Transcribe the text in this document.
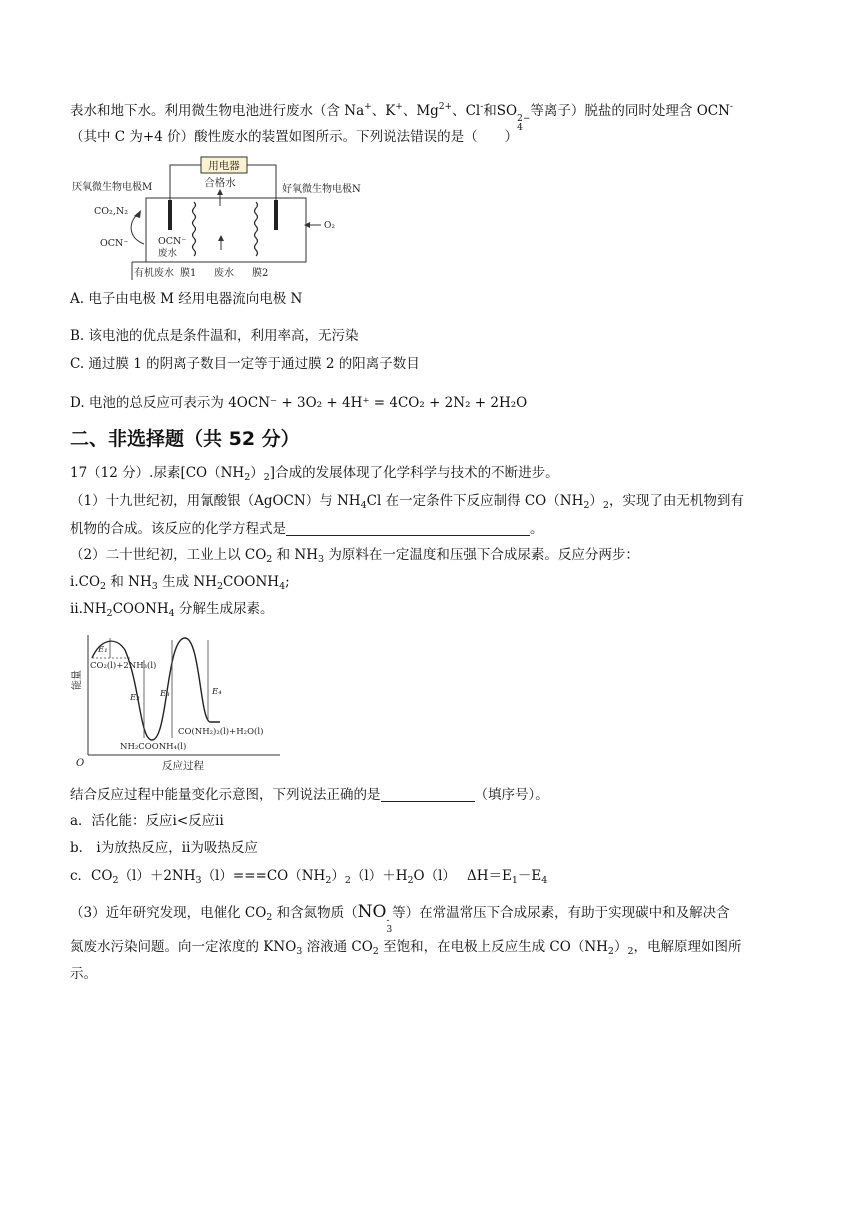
表水和地下水。利用微生物电池进行废水（含 Na+、K+、$Mg^{2+}$、Cl-和SO 2−
4
等离子）脱盐的同时处理含 OCN-
（其中 C 为+4 价）酸性废水的装置如图所示。下列说法错误的是（　　）
用电器
合格水
厌氧微生物电极M	好氧微生物电极N
CO₂,N₂
OCN⁻
O₂
OCN⁻
废水
有机废水 膜1 废水 膜2
A. 电子由电极 M 经用电器流向电极 N
B. 该电池的优点是条件温和，利用率高，无污染
C. 通过膜 1 的阴离子数目一定等于通过膜 2 的阳离子数目
D. 电池的总反应可表示为 4OCN⁻ + 3O₂ + 4H⁺ = 4CO₂ + 2N₂ + 2H₂O
二、非选择题（共 52 分）
17（12 分）.尿素$[CO(NH_2)_2]$合成的发展体现了化学科学与技术的不断进步。
（1）十九世纪初，用氰酸银（AgOCN）与 $NH_4Cl$ 在一定条件下反应制得 $CO(NH_2)_2$，实现了由无机物到有
机物的合成。该反应的化学方程式是	。
（2）二十世纪初，工业上以 $CO_2$ 和 $NH_3$ 为原料在一定温度和压强下合成尿素。反应分两步：
$ⅰ.CO_2$ 和 $NH_3$ 生成 $NH_2COONH_4$;
$ⅱ.NH_2COONH_4$ 分解生成尿素。
能量
O	反应过程
E₁
CO₂(l)+2NH₃(l)
E₂ E₃	E₄
CO(NH₂)₂(l)+H₂O(l)
NH₂COONH₄(l)
结合反应过程中能量变化示意图，下列说法正确的是	（填序号）。
a．活化能：反应ⅰ<反应ⅱ
b． ⅰ为放热反应，ⅱ为吸热反应
c．$CO_2(l)+2NH_3(l)===CO(NH_2)_2(l)+H_2O(l)$　 $\Delta H=E_1-E_4$
（3）近年研究发现，电催化 $CO_2$ 和含氮物质（NO -
3
等）在常温常压下合成尿素，有助于实现碳中和及解决含
氮废水污染问题。向一定浓度的 $KNO_3$ 溶液通 $CO_2$ 至饱和，在电极上反应生成 $CO(NH_2)_2$，电解原理如图所
示。
